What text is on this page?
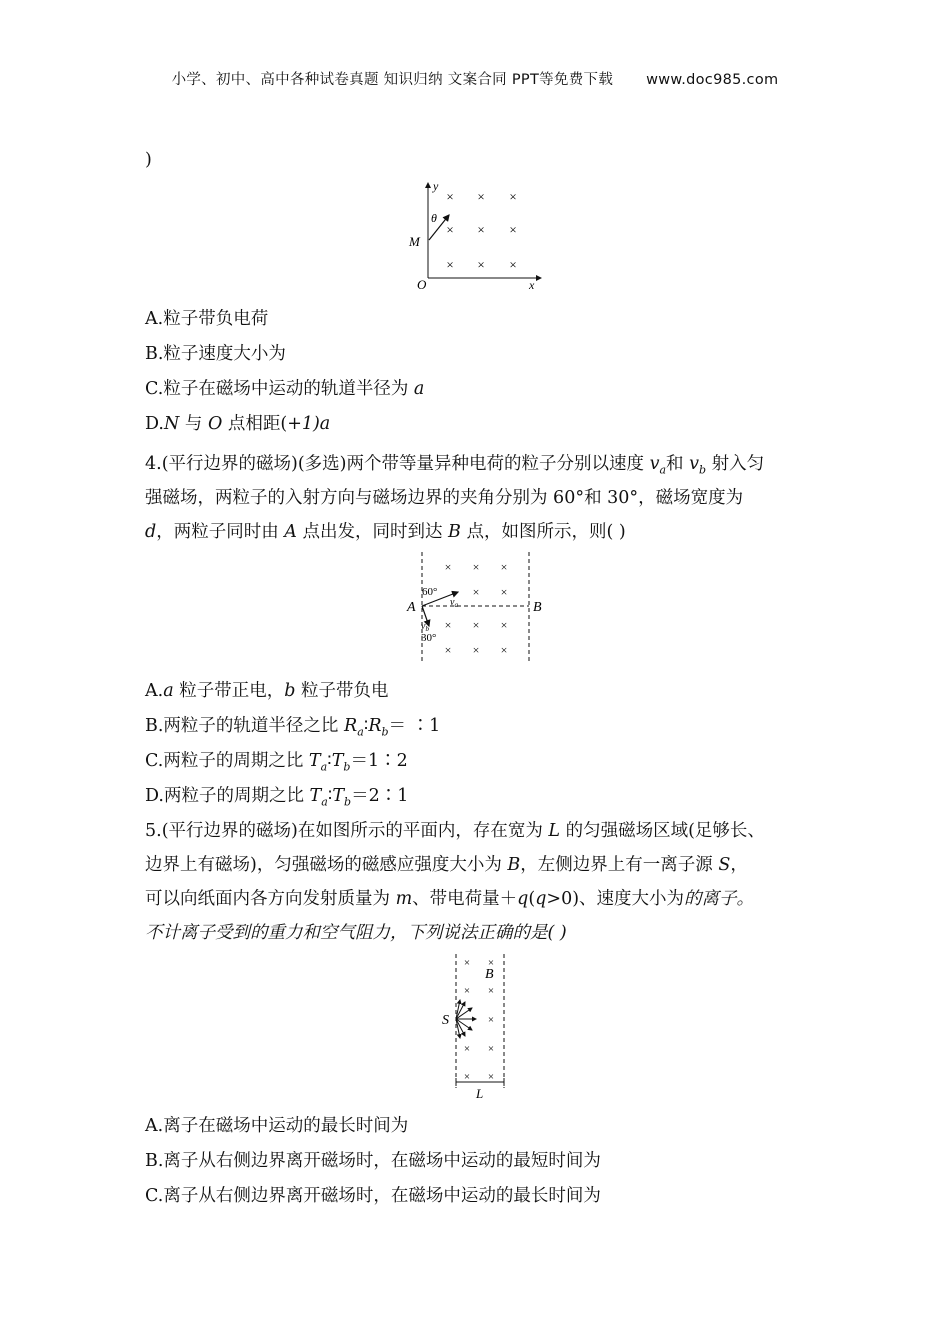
小学、初中、高中各种试卷真题 知识归纳 文案合同 PPT等免费下载 www.doc985.com
)
y
x
O
M
θ
× × ×
× × ×
× × ×
A.粒子带负电荷
B.粒子速度大小为
C.粒子在磁场中运动的轨道半径为 a
D.N 与 O 点相距(+1)a
4.(平行边界的磁场)(多选)两个带等量异种电荷的粒子分别以速度 $v_a$和 $v_b$ 射入匀
强磁场，两粒子的入射方向与磁场边界的夹角分别为 60°和 30°，磁场宽度为
d，两粒子同时由 A 点出发，同时到达 B 点，如图所示，则( )
A	B
60°
30°
$v_a$
$v_b$
× × ×
× ×
× × ×
× × ×
A.a 粒子带正电，b 粒子带负电
B.两粒子的轨道半径之比 $R_a∶R_b=$ ∶1
C.两粒子的周期之比 $T_a∶T_b=1∶2$
D.两粒子的周期之比 $T_a∶T_b=2∶1$
5.(平行边界的磁场)在如图所示的平面内，存在宽为 L 的匀强磁场区域(足够长、
边界上有磁场)，匀强磁场的磁感应强度大小为 B，左侧边界上有一离子源 S，
可以向纸面内各方向发射质量为 m、带电荷量＋q(q>0)、速度大小为的离子。
不计离子受到的重力和空气阻力，下列说法正确的是( )
L
B
S
× ×
× ×
×
× ×
× ×
A.离子在磁场中运动的最长时间为
B.离子从右侧边界离开磁场时，在磁场中运动的最短时间为
C.离子从右侧边界离开磁场时，在磁场中运动的最长时间为
